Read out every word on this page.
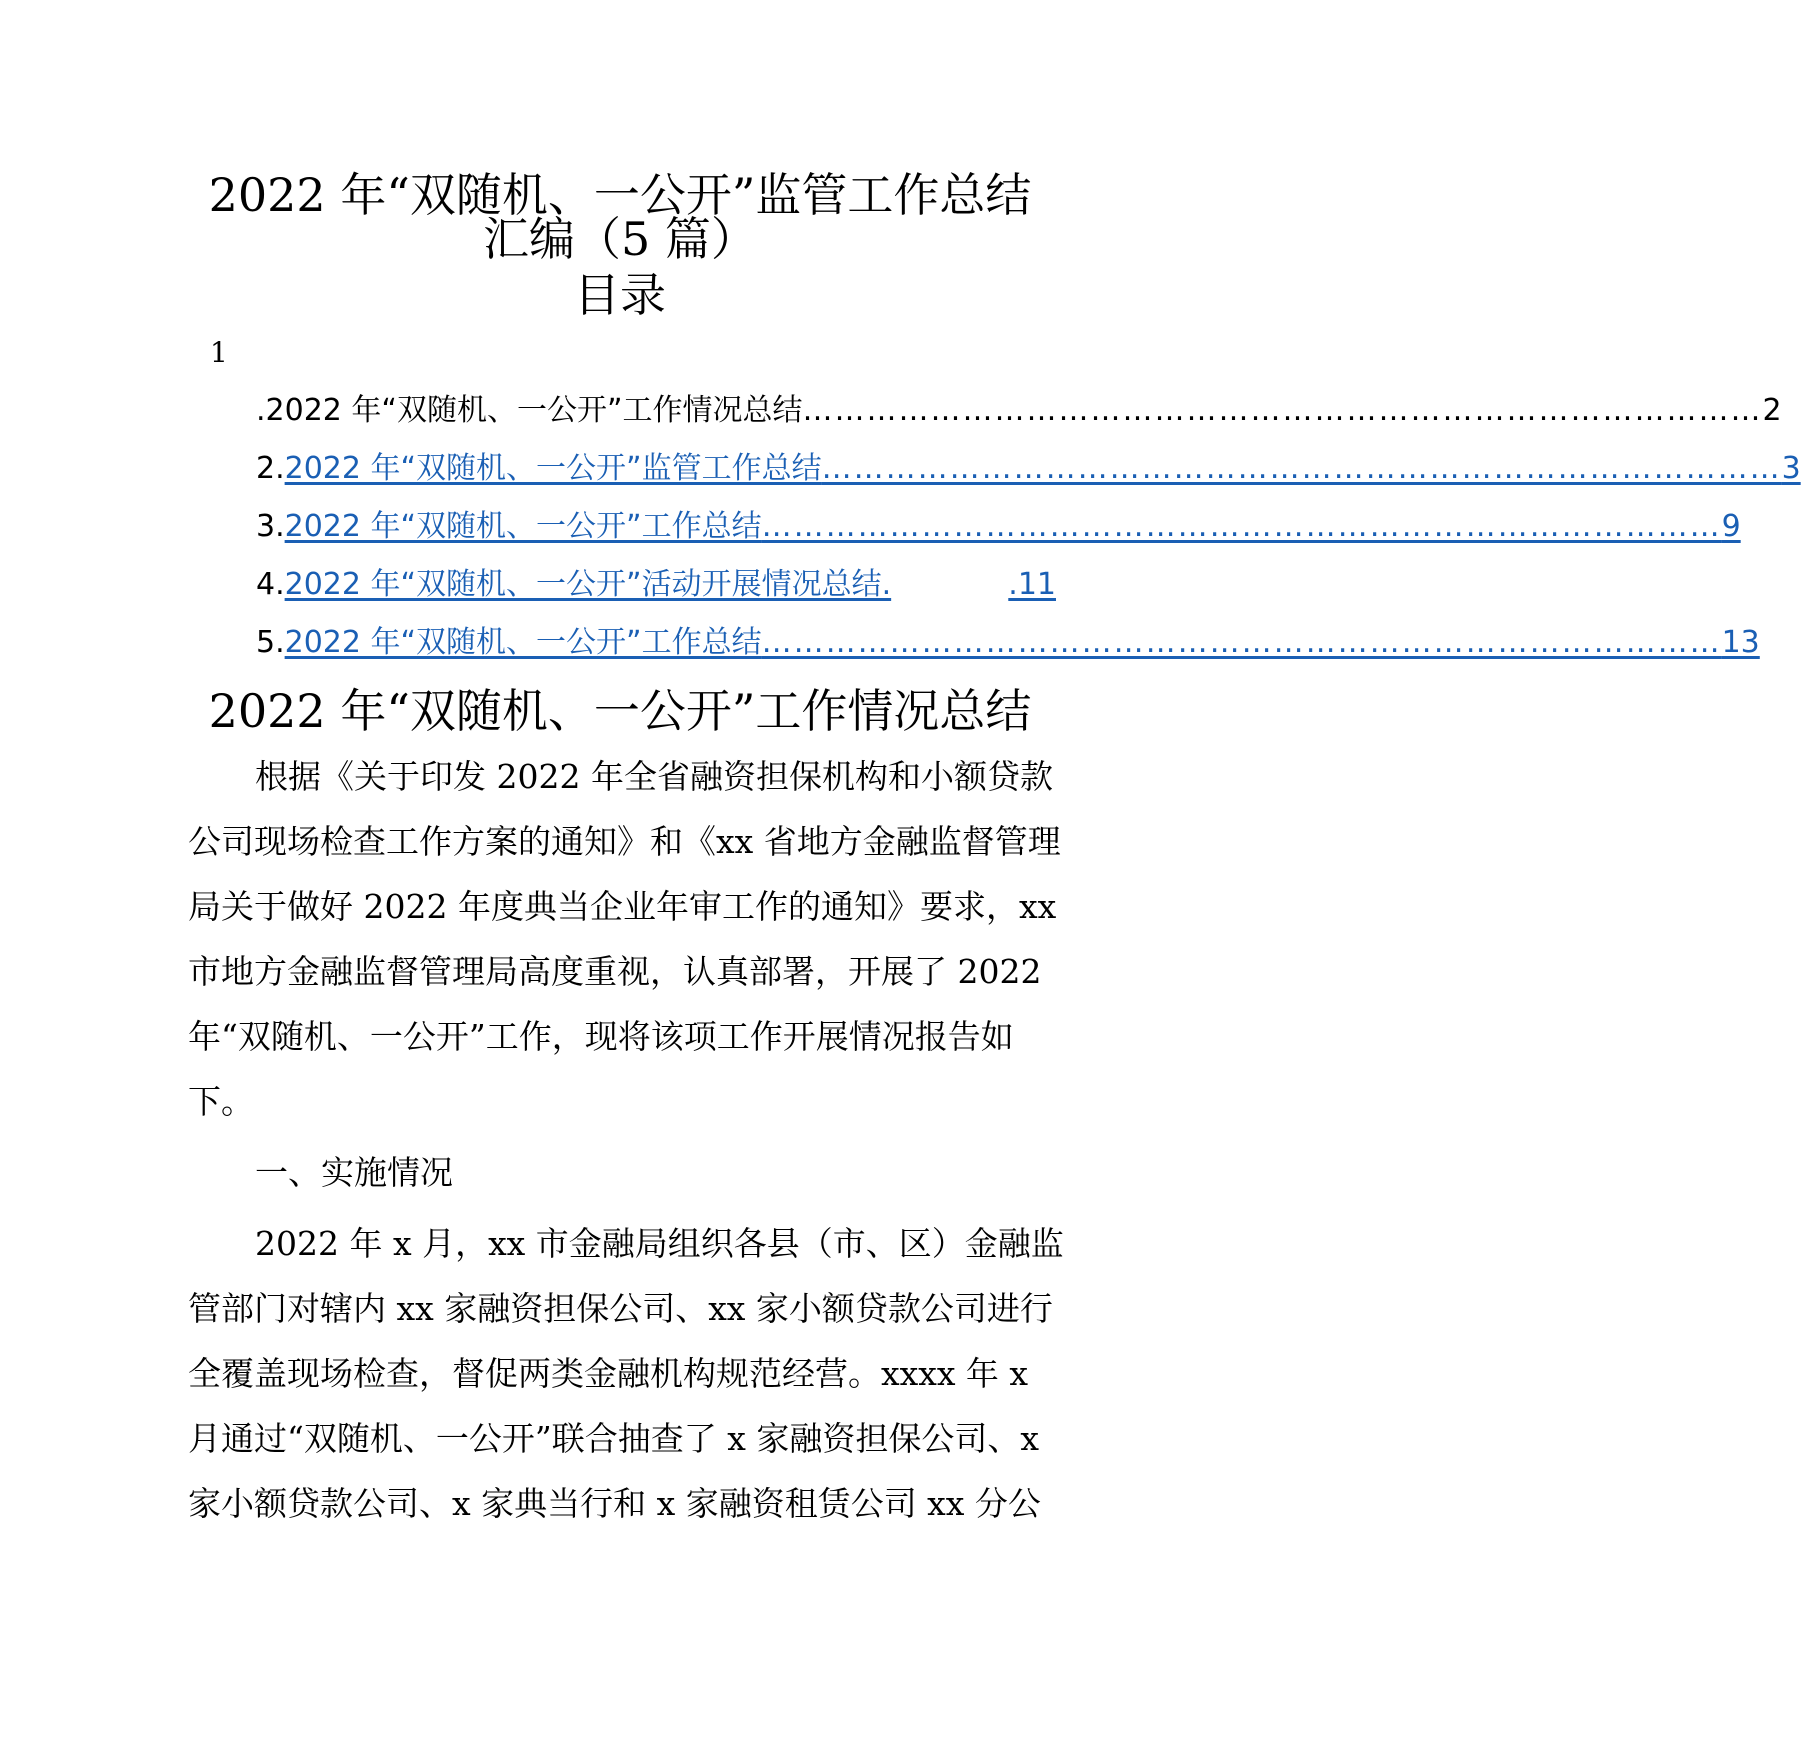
2022 年“双随机、一公开”监管工作总结
汇编（5 篇）
目录
1
. 2022 年“双随机、一公开”工作情况总结 ……………………………………………………………………………… 2
2. 2022 年“双随机、一公开”监管工作总结 ……………………………………………………………………………… 3
3. 2022 年“双随机、一公开”工作总结 ……………………………………………………………………………… 9
4. 2022 年“双随机、一公开”活动开展情况总结.	.11
5. 2022 年“双随机、一公开”工作总结 ……………………………………………………………………………… 13
2022 年“双随机、一公开”工作情况总结

根据《关于印发 2022 年全省融资担保机构和小额贷款公司现场检查工作方案的通知》和《xx 省地方金融监督管理局关于做好 2022 年度典当企业年审工作的通知》要求，xx 市地方金融监督管理局高度重视，认真部署，开展了 2022 年“双随机、一公开”工作，现将该项工作开展情况报告如下。

一、实施情况

2022 年 x 月，xx 市金融局组织各县（市、区）金融监管部门对辖内 xx 家融资担保公司、xx 家小额贷款公司进行全覆盖现场检查，督促两类金融机构规范经营。xxxx 年 x 月通过“双随机、一公开”联合抽查了 x 家融资担保公司、x 家小额贷款公司、x 家典当行和 x 家融资租赁公司 xx 分公
